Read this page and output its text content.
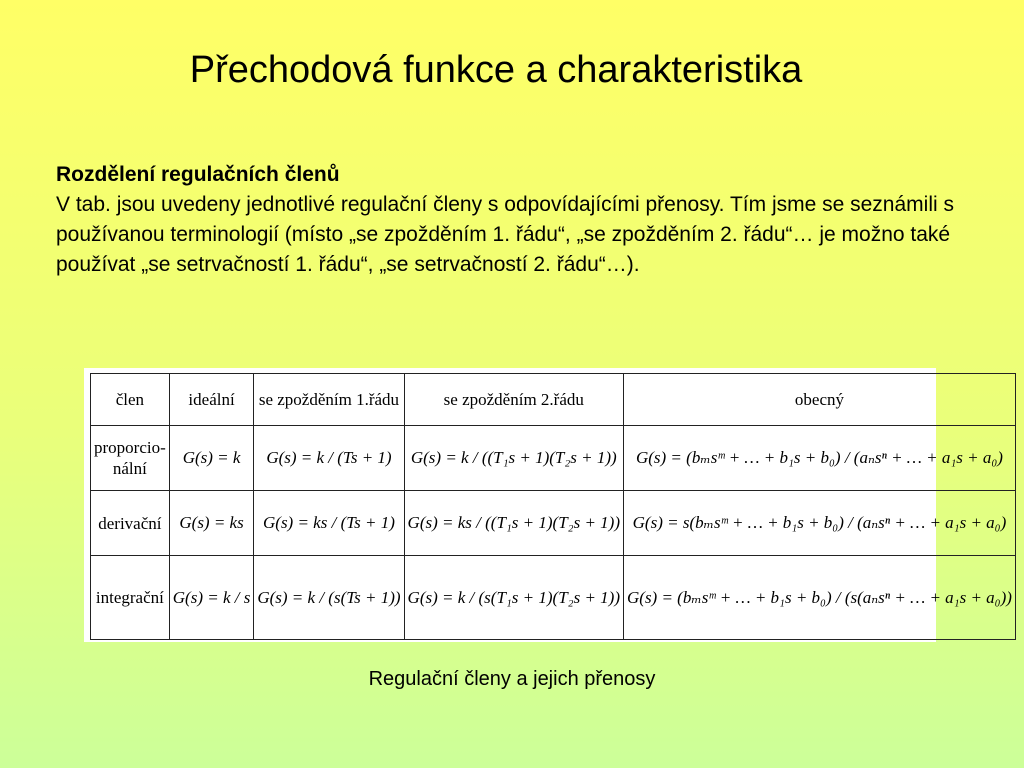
Přechodová funkce a charakteristika
Rozdělení regulačních členů
V tab. jsou uvedeny jednotlivé regulační členy s odpovídajícími přenosy. Tím jsme se seznámili s používanou terminologií (místo „se zpožděním 1. řádu“, „se zpožděním 2. řádu“… je možno také používat „se setrvačností 1. řádu“, „se setrvačností 2. řádu“…).
člen	ideální	se zpožděním 1.řádu	se zpožděním 2.řádu	obecný
proporcio-nální	G(s) = k	G(s) = k / (Ts + 1)	G(s) = k / ((T₁s + 1)(T₂s + 1))	G(s) = (bₘsᵐ + … + b₁s + b₀) / (aₙsⁿ + … + a₁s + a₀)
derivační	G(s) = ks	G(s) = ks / (Ts + 1)	G(s) = ks / ((T₁s + 1)(T₂s + 1))	G(s) = s(bₘsᵐ + … + b₁s + b₀) / (aₙsⁿ + … + a₁s + a₀)
integrační	G(s) = k / s	G(s) = k / (s(Ts + 1))	G(s) = k / (s(T₁s + 1)(T₂s + 1))	G(s) = (bₘsᵐ + … + b₁s + b₀) / (s(aₙsⁿ + … + a₁s + a₀))
Regulační členy a jejich přenosy
